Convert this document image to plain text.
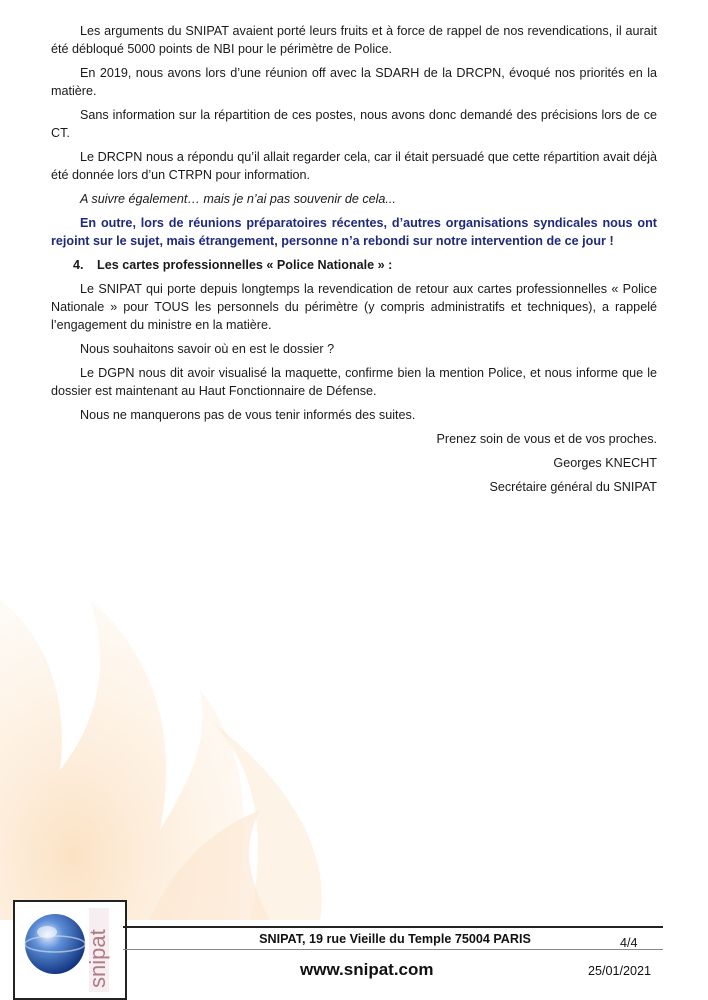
Les arguments du SNIPAT avaient porté leurs fruits et à force de rappel de nos revendications, il aurait été débloqué 5000 points de NBI pour le périmètre de Police.

En 2019, nous avons lors d’une réunion off avec la SDARH de la DRCPN, évoqué nos priorités en la matière.

Sans information sur la répartition de ces postes, nous avons donc demandé des précisions lors de ce CT.

Le DRCPN nous a répondu qu’il allait regarder cela, car il était persuadé que cette répartition avait déjà été donnée lors d’un CTRPN pour information.

A suivre également… mais je n’ai pas souvenir de cela...

En outre, lors de réunions préparatoires récentes, d’autres organisations syndicales nous ont rejoint sur le sujet, mais étrangement, personne n’a rebondi sur notre intervention de ce jour !

4. Les cartes professionnelles « Police Nationale » :

Le SNIPAT qui porte depuis longtemps la revendication de retour aux cartes professionnelles « Police Nationale » pour TOUS les personnels du périmètre (y compris administratifs et techniques), a rappelé l’engagement du ministre en la matière.

Nous souhaitons savoir où en est le dossier ?

Le DGPN nous dit avoir visualisé la maquette, confirme bien la mention Police, et nous informe que le dossier est maintenant au Haut Fonctionnaire de Défense.

Nous ne manquerons pas de vous tenir informés des suites.

Prenez soin de vous et de vos proches.

Georges KNECHT

Secrétaire général du SNIPAT

snipat	SNIPAT, 19 rue Vieille du Temple 75004 PARIS	4/4
www.snipat.com	25/01/2021
